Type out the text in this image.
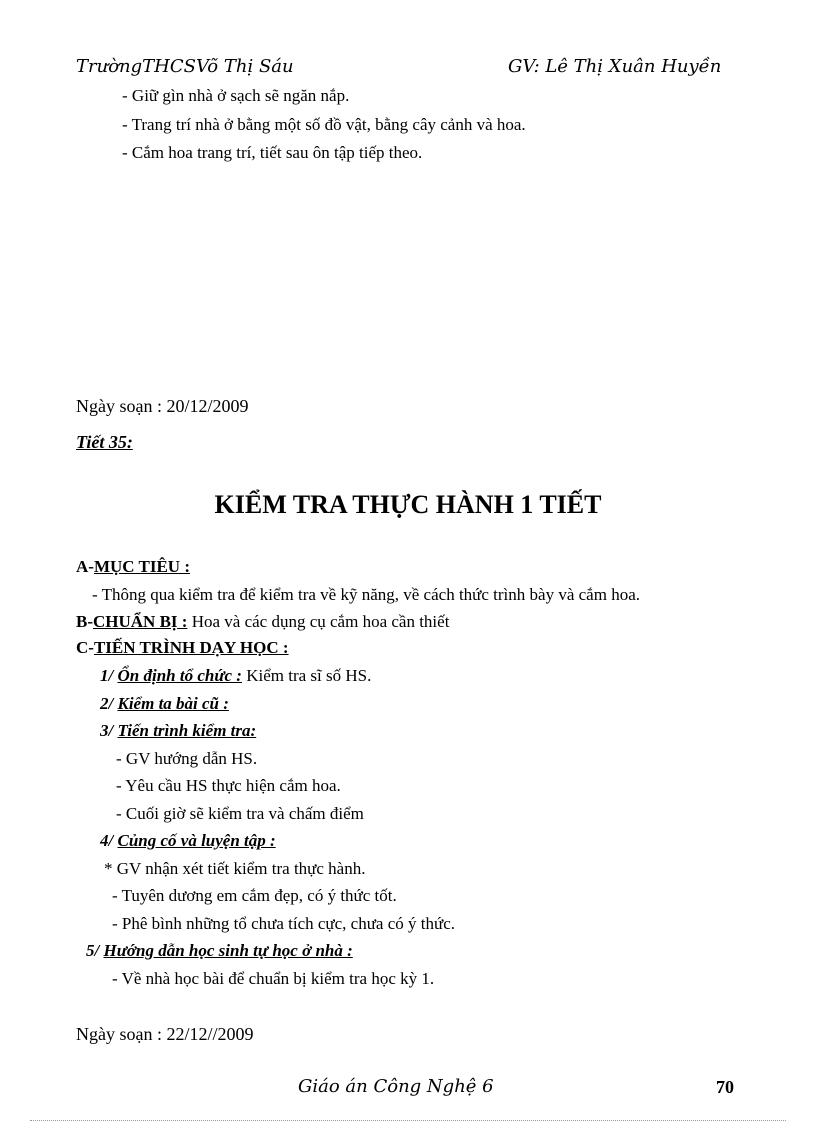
TrườngTHCSVõ Thị Sáu	GV: Lê Thị Xuân Huyền
- Giữ gìn nhà ở sạch sẽ ngăn nắp.
- Trang trí nhà ở bằng một số đồ vật, bằng cây cảnh và hoa.
- Cắm hoa trang trí, tiết sau ôn tập tiếp theo.
Ngày soạn : 20/12/2009
Tiết 35:
KIỂM TRA THỰC HÀNH 1 TIẾT
A-MỤC TIÊU :
- Thông qua kiểm tra để kiểm tra về kỹ năng, về cách thức trình bày và cắm hoa.
B-CHUẨN BỊ : Hoa và các dụng cụ cắm hoa cần thiết
C-TIẾN TRÌNH DẠY HỌC :
1/ Ổn định tổ chức : Kiểm tra sĩ số HS.
2/ Kiểm ta bài cũ :
3/ Tiến trình kiểm tra:
- GV hướng dẫn HS.
- Yêu cầu HS thực hiện cắm hoa.
- Cuối giờ sẽ kiểm tra và chấm điểm
4/ Củng cố và luyện tập :
* GV nhận xét tiết kiểm tra thực hành.
- Tuyên dương em cắm đẹp, có ý thức tốt.
- Phê bình những tổ chưa tích cực, chưa có ý thức.
5/ Hướng dẫn học sinh tự học ở nhà :
- Về nhà học bài để chuẩn bị kiểm tra học kỳ 1.
Ngày soạn : 22/12//2009
Giáo án Công Nghệ 6	70
